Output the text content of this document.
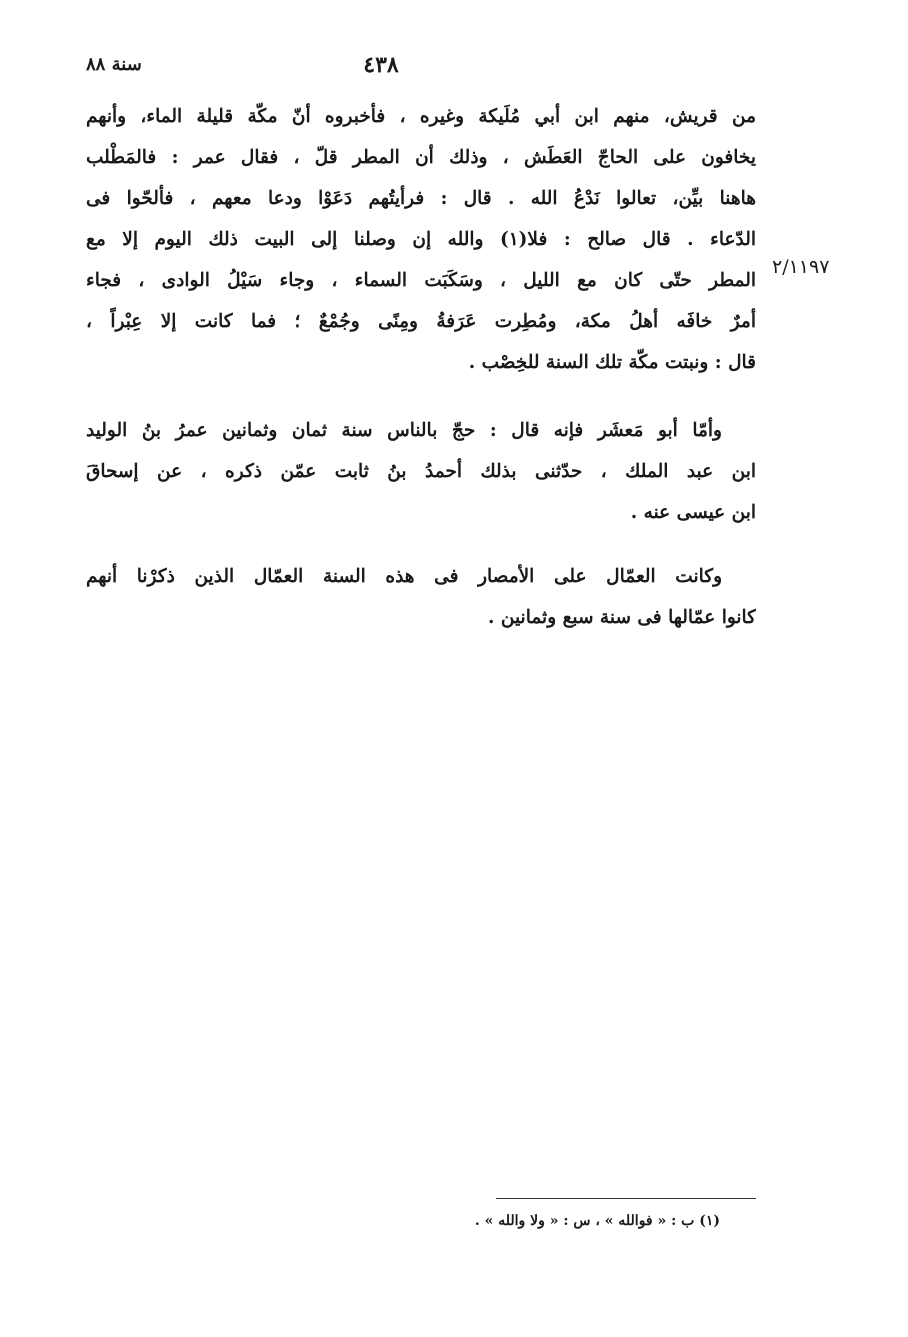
٤٣٨
سنة ٨٨
٢/١١٩٧
من قريش، منهم ابن أبي مُلَيكة وغيره ، فأخبروه أنّ مكّة قليلة الماء، وأنهم
يخافون على الحاجّ العَطَش ، وذلك أن المطر قلّ ، فقال عمر : فالمَطْلب
هاهنا بيِّن، تعالوا نَدْعُ الله . قال : فرأيتُهم دَعَوْا ودعا معهم ، فألحّوا فى
الدّعاء . قال صالح : فلا(١) والله إن وصلنا إلى البيت ذلك اليوم إلا مع
المطر حتّى كان مع الليل ، وسَكَبَت السماء ، وجاء سَيْلُ الوادى ، فجاء
أمرٌ خافَه أهلُ مكة، ومُطِرت عَرَفةُ ومِنًى وجُمْعٌ ؛ فما كانت إلا عِبْراً ،
قال : ونبتت مكّة تلك السنة للخِصْب .
وأمّا أبو مَعشَر فإنه قال : حجّ بالناس سنة ثمان وثمانين عمرُ بنُ الوليد
ابن عبد الملك ، حدّثنى بذلك أحمدُ بنُ ثابت عمّن ذكره ، عن إسحاقَ
ابن عيسى عنه .
وكانت العمّال على الأمصار فى هذه السنة العمّال الذين ذكرْنا أنهم
كانوا عمّالها فى سنة سبع وثمانين .
(١) ب : « فوالله » ، س : « ولا والله » .
